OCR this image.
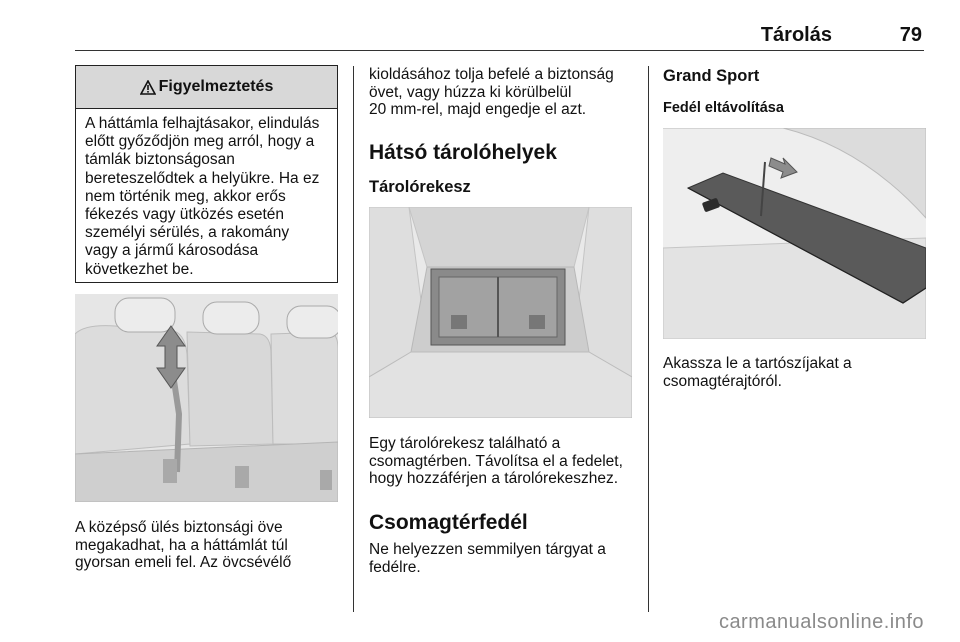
Tárolás	79
Figyelmeztetés
A háttámla felhajtásakor, elindulás
előtt győződjön meg arról, hogy a
támlák biztonságosan
bereteszelődtek a helyükre. Ha ez
nem történik meg, akkor erős
fékezés vagy ütközés esetén
személyi sérülés, a rakomány
vagy a jármű károsodása
következhet be.
A középső ülés biztonsági öve
megakadhat, ha a háttámlát túl
gyorsan emeli fel. Az övcsévélő
kioldásához tolja befelé a biztonság
övet, vagy húzza ki körülbelül
20 mm-rel, majd engedje el azt.
Hátsó tárolóhelyek
Tárolórekesz
Egy tárolórekesz található a
csomagtérben. Távolítsa el a fedelet,
hogy hozzáférjen a tárolórekeszhez.
Csomagtérfedél
Ne helyezzen semmilyen tárgyat a
fedélre.
Grand Sport
Fedél eltávolítása
Akassza le a tartószíjakat a
csomagtérajtóról.
carmanualsonline.info
